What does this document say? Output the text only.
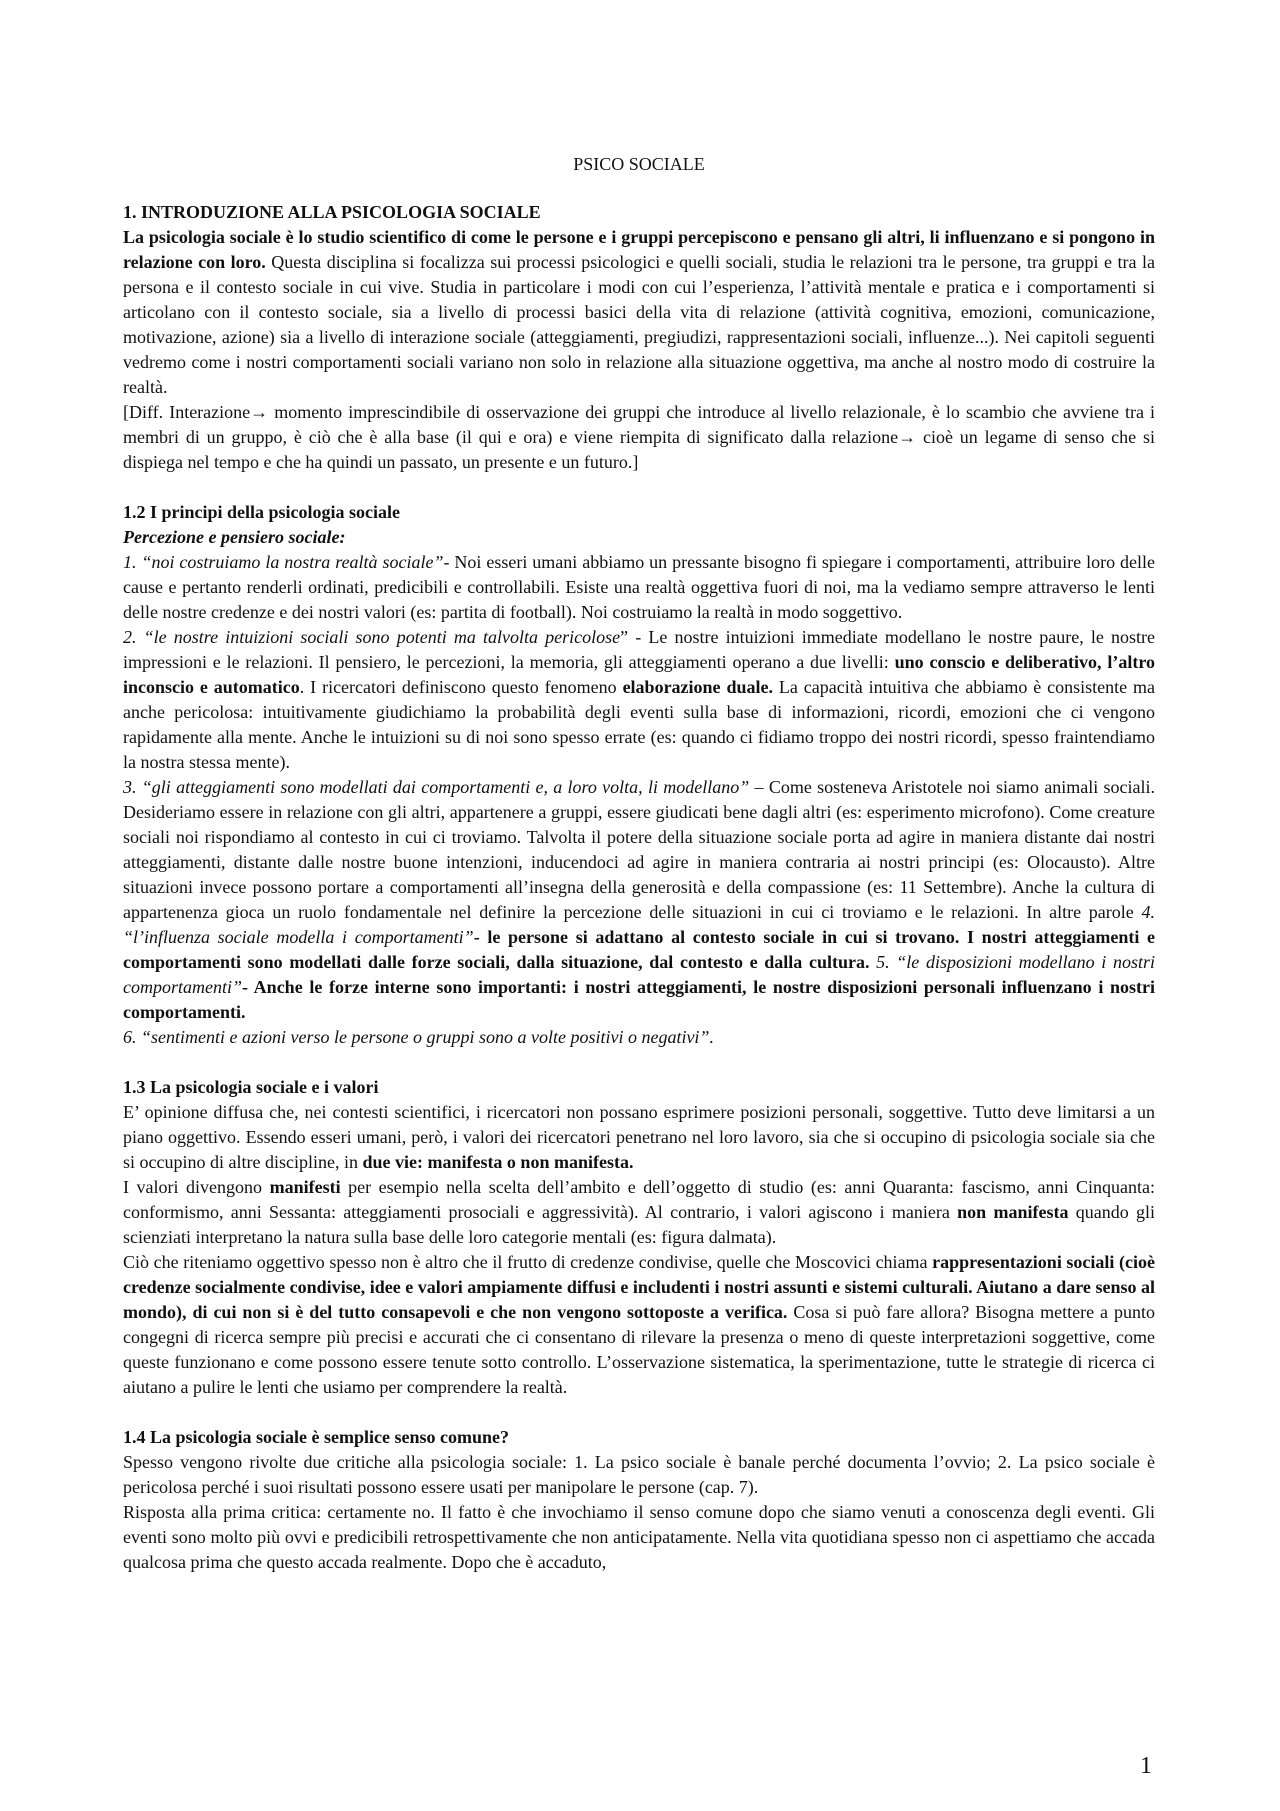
PSICO SOCIALE
1. INTRODUZIONE ALLA PSICOLOGIA SOCIALE

La psicologia sociale è lo studio scientifico di come le persone e i gruppi percepiscono e pensano gli altri, li influenzano e si pongono in relazione con loro. Questa disciplina si focalizza sui processi psicologici e quelli sociali, studia le relazioni tra le persone, tra gruppi e tra la persona e il contesto sociale in cui vive. Studia in particolare i modi con cui l’esperienza, l’attività mentale e pratica e i comportamenti si articolano con il contesto sociale, sia a livello di processi basici della vita di relazione (attività cognitiva, emozioni, comunicazione, motivazione, azione) sia a livello di interazione sociale (atteggiamenti, pregiudizi, rappresentazioni sociali, influenze...). Nei capitoli seguenti vedremo come i nostri comportamenti sociali variano non solo in relazione alla situazione oggettiva, ma anche al nostro modo di costruire la realtà.

[Diff. Interazione→ momento imprescindibile di osservazione dei gruppi che introduce al livello relazionale, è lo scambio che avviene tra i membri di un gruppo, è ciò che è alla base (il qui e ora) e viene riempita di significato dalla relazione→ cioè un legame di senso che si dispiega nel tempo e che ha quindi un passato, un presente e un futuro.]

1.2 I principi della psicologia sociale
Percezione e pensiero sociale:

1. “noi costruiamo la nostra realtà sociale”- Noi esseri umani abbiamo un pressante bisogno fi spiegare i comportamenti, attribuire loro delle cause e pertanto renderli ordinati, predicibili e controllabili. Esiste una realtà oggettiva fuori di noi, ma la vediamo sempre attraverso le lenti delle nostre credenze e dei nostri valori (es: partita di football). Noi costruiamo la realtà in modo soggettivo.

2. “le nostre intuizioni sociali sono potenti ma talvolta pericolose” - Le nostre intuizioni immediate modellano le nostre paure, le nostre impressioni e le relazioni. Il pensiero, le percezioni, la memoria, gli atteggiamenti operano a due livelli: uno conscio e deliberativo, l’altro inconscio e automatico. I ricercatori definiscono questo fenomeno elaborazione duale. La capacità intuitiva che abbiamo è consistente ma anche pericolosa: intuitivamente giudichiamo la probabilità degli eventi sulla base di informazioni, ricordi, emozioni che ci vengono rapidamente alla mente. Anche le intuizioni su di noi sono spesso errate (es: quando ci fidiamo troppo dei nostri ricordi, spesso fraintendiamo la nostra stessa mente).

3. “gli atteggiamenti sono modellati dai comportamenti e, a loro volta, li modellano” – Come sosteneva Aristotele noi siamo animali sociali. Desideriamo essere in relazione con gli altri, appartenere a gruppi, essere giudicati bene dagli altri (es: esperimento microfono). Come creature sociali noi rispondiamo al contesto in cui ci troviamo. Talvolta il potere della situazione sociale porta ad agire in maniera distante dai nostri atteggiamenti, distante dalle nostre buone intenzioni, inducendoci ad agire in maniera contraria ai nostri principi (es: Olocausto). Altre situazioni invece possono portare a comportamenti all’insegna della generosità e della compassione (es: 11 Settembre). Anche la cultura di appartenenza gioca un ruolo fondamentale nel definire la percezione delle situazioni in cui ci troviamo e le relazioni. In altre parole 4. “l’influenza sociale modella i comportamenti”- le persone si adattano al contesto sociale in cui si trovano. I nostri atteggiamenti e comportamenti sono modellati dalle forze sociali, dalla situazione, dal contesto e dalla cultura. 5. “le disposizioni modellano i nostri comportamenti”- Anche le forze interne sono importanti: i nostri atteggiamenti, le nostre disposizioni personali influenzano i nostri comportamenti.

6. “sentimenti e azioni verso le persone o gruppi sono a volte positivi o negativi”.

1.3 La psicologia sociale e i valori

E’ opinione diffusa che, nei contesti scientifici, i ricercatori non possano esprimere posizioni personali, soggettive. Tutto deve limitarsi a un piano oggettivo. Essendo esseri umani, però, i valori dei ricercatori penetrano nel loro lavoro, sia che si occupino di psicologia sociale sia che si occupino di altre discipline, in due vie: manifesta o non manifesta.

I valori divengono manifesti per esempio nella scelta dell’ambito e dell’oggetto di studio (es: anni Quaranta: fascismo, anni Cinquanta: conformismo, anni Sessanta: atteggiamenti prosociali e aggressività). Al contrario, i valori agiscono i maniera non manifesta quando gli scienziati interpretano la natura sulla base delle loro categorie mentali (es: figura dalmata).

Ciò che riteniamo oggettivo spesso non è altro che il frutto di credenze condivise, quelle che Moscovici chiama rappresentazioni sociali (cioè credenze socialmente condivise, idee e valori ampiamente diffusi e includenti i nostri assunti e sistemi culturali. Aiutano a dare senso al mondo), di cui non si è del tutto consapevoli e che non vengono sottoposte a verifica. Cosa si può fare allora? Bisogna mettere a punto congegni di ricerca sempre più precisi e accurati che ci consentano di rilevare la presenza o meno di queste interpretazioni soggettive, come queste funzionano e come possono essere tenute sotto controllo. L’osservazione sistematica, la sperimentazione, tutte le strategie di ricerca ci aiutano a pulire le lenti che usiamo per comprendere la realtà.

1.4 La psicologia sociale è semplice senso comune?

Spesso vengono rivolte due critiche alla psicologia sociale: 1. La psico sociale è banale perché documenta l’ovvio; 2. La psico sociale è pericolosa perché i suoi risultati possono essere usati per manipolare le persone (cap. 7).

Risposta alla prima critica: certamente no. Il fatto è che invochiamo il senso comune dopo che siamo venuti a conoscenza degli eventi. Gli eventi sono molto più ovvi e predicibili retrospettivamente che non anticipatamente. Nella vita quotidiana spesso non ci aspettiamo che accada qualcosa prima che questo accada realmente. Dopo che è accaduto,

1
